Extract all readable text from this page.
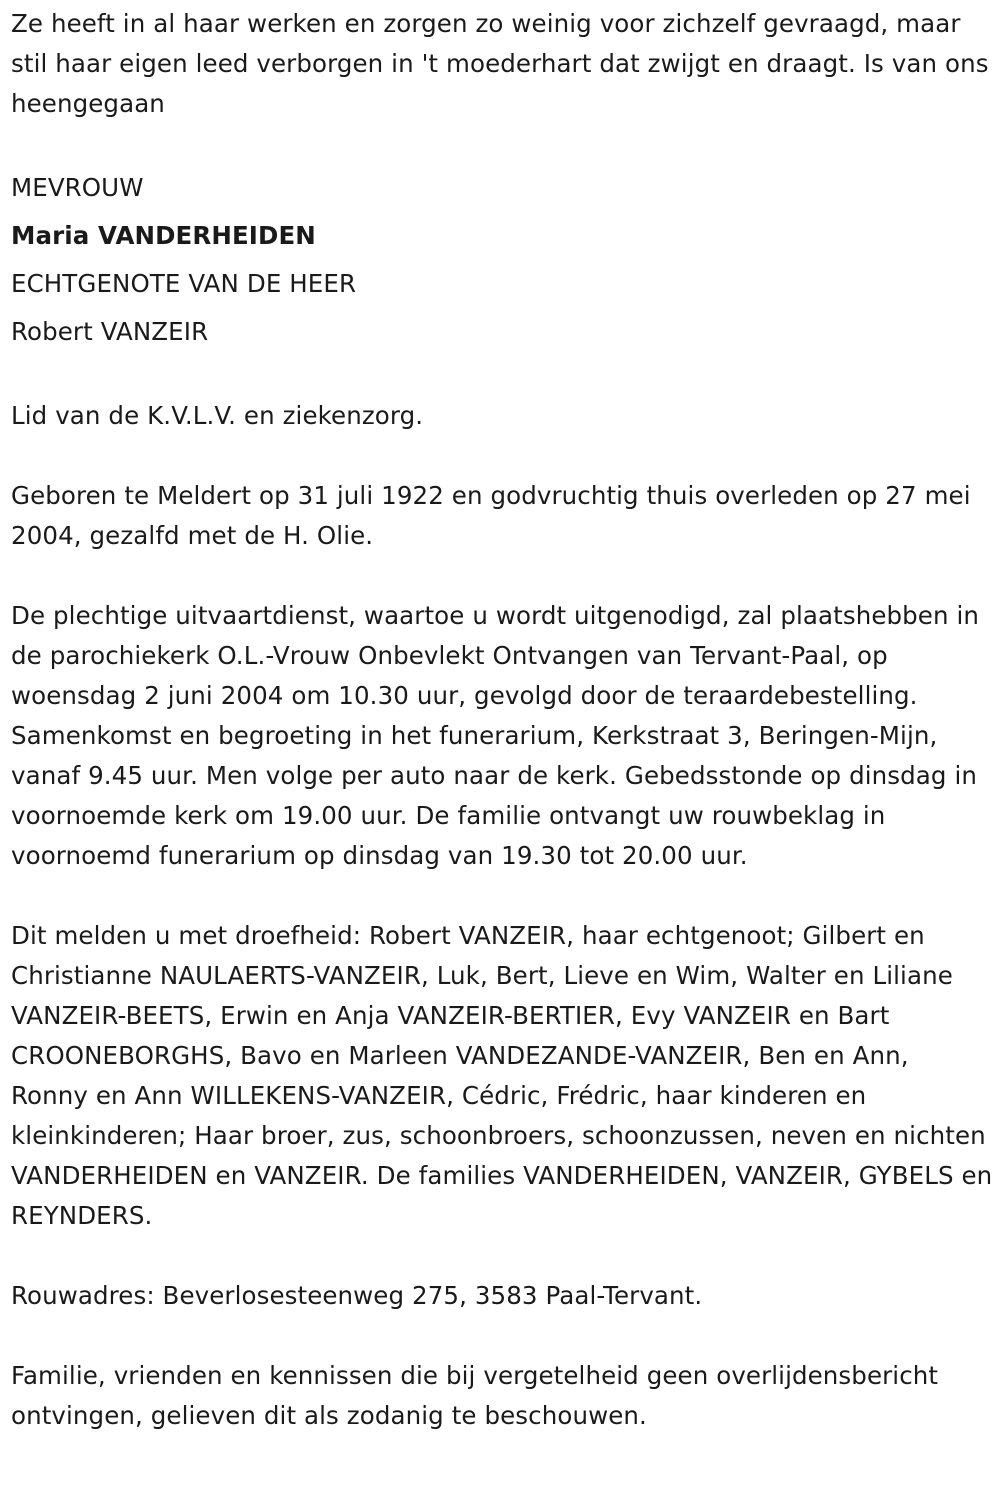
Ze heeft in al haar werken en zorgen zo weinig voor zichzelf gevraagd, maar stil haar eigen leed verborgen in 't moederhart dat zwijgt en draagt. Is van ons heengegaan

MEVROUW

Maria VANDERHEIDEN

ECHTGENOTE VAN DE HEER

Robert VANZEIR

Lid van de K.V.L.V. en ziekenzorg.

Geboren te Meldert op 31 juli 1922 en godvruchtig thuis overleden op 27 mei 2004, gezalfd met de H. Olie.

De plechtige uitvaartdienst, waartoe u wordt uitgenodigd, zal plaatshebben in de parochiekerk O.L.-Vrouw Onbevlekt Ontvangen van Tervant-Paal, op woensdag 2 juni 2004 om 10.30 uur, gevolgd door de teraardebestelling. Samenkomst en begroeting in het funerarium, Kerkstraat 3, Beringen-Mijn, vanaf 9.45 uur. Men volge per auto naar de kerk. Gebedsstonde op dinsdag in voornoemde kerk om 19.00 uur. De familie ontvangt uw rouwbeklag in voornoemd funerarium op dinsdag van 19.30 tot 20.00 uur.

Dit melden u met droefheid: Robert VANZEIR, haar echtgenoot; Gilbert en Christianne NAULAERTS-VANZEIR, Luk, Bert, Lieve en Wim, Walter en Liliane VANZEIR-BEETS, Erwin en Anja VANZEIR-BERTIER, Evy VANZEIR en Bart CROONEBORGHS, Bavo en Marleen VANDEZANDE-VANZEIR, Ben en Ann, Ronny en Ann WILLEKENS-VANZEIR, Cédric, Frédric, haar kinderen en kleinkinderen; Haar broer, zus, schoonbroers, schoonzussen, neven en nichten VANDERHEIDEN en VANZEIR. De families VANDERHEIDEN, VANZEIR, GYBELS en REYNDERS.

Rouwadres: Beverlosesteenweg 275, 3583 Paal-Tervant.

Familie, vrienden en kennissen die bij vergetelheid geen overlijdensbericht ontvingen, gelieven dit als zodanig te beschouwen.
